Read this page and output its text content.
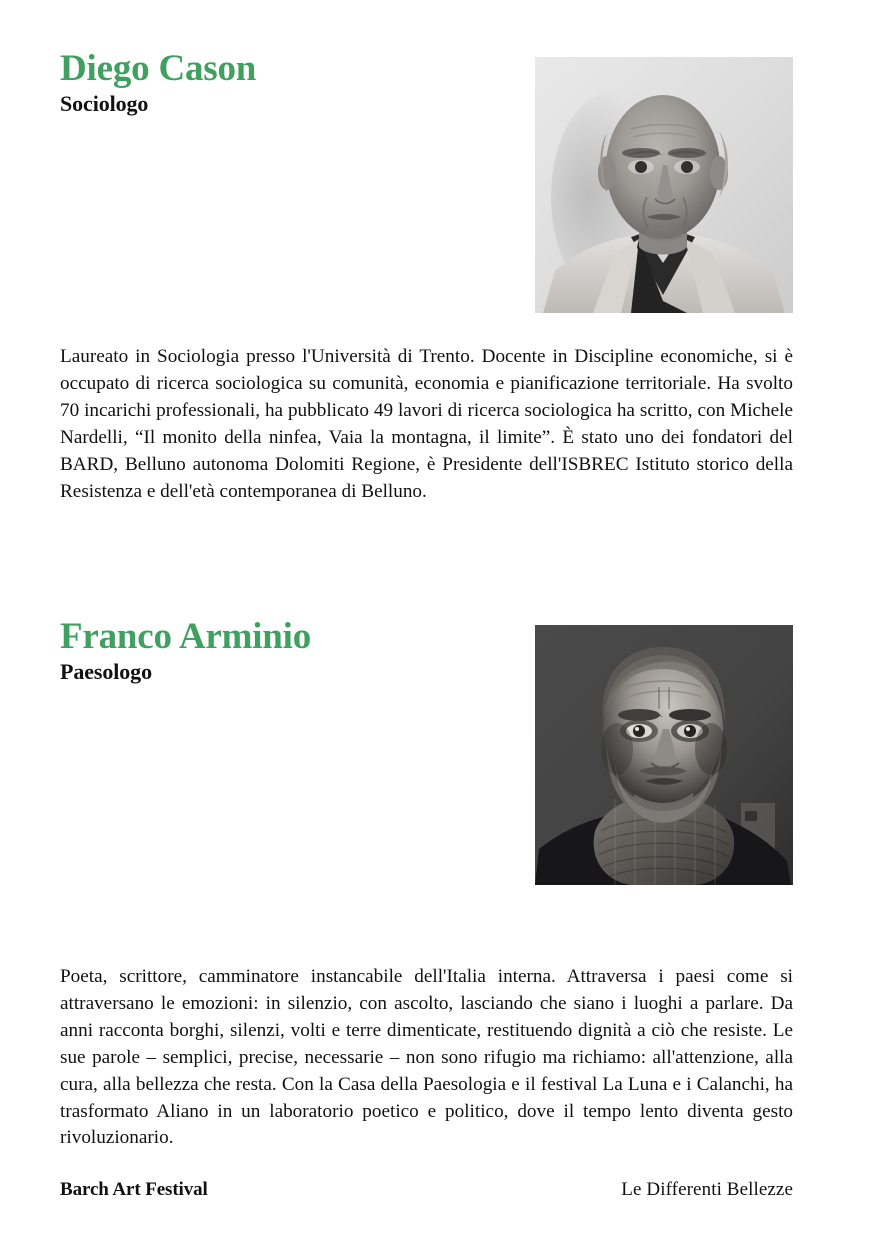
Diego Cason
Sociologo

Laureato in Sociologia presso l'Università di Trento. Docente in Discipline economiche, si è occupato di ricerca sociologica su comunità, economia e pianificazione territoriale. Ha svolto 70 incarichi professionali, ha pubblicato 49 lavori di ricerca sociologica ha scritto, con Michele Nardelli, “Il monito della ninfea, Vaia la montagna, il limite”. È stato uno dei fondatori del BARD, Belluno autonoma Dolomiti Regione, è Presidente dell'ISBREC Istituto storico della Resistenza e dell'età contemporanea di Belluno.

Franco Arminio
Paesologo

Poeta, scrittore, camminatore instancabile dell'Italia interna. Attraversa i paesi come si attraversano le emozioni: in silenzio, con ascolto, lasciando che siano i luoghi a parlare. Da anni racconta borghi, silenzi, volti e terre dimenticate, restituendo dignità a ciò che resiste. Le sue parole – semplici, precise, necessarie – non sono rifugio ma richiamo: all'attenzione, alla cura, alla bellezza che resta. Con la Casa della Paesologia e il festival La Luna e i Calanchi, ha trasformato Aliano in un laboratorio poetico e politico, dove il tempo lento diventa gesto rivoluzionario.

Barch Art Festival	Le Differenti Bellezze
